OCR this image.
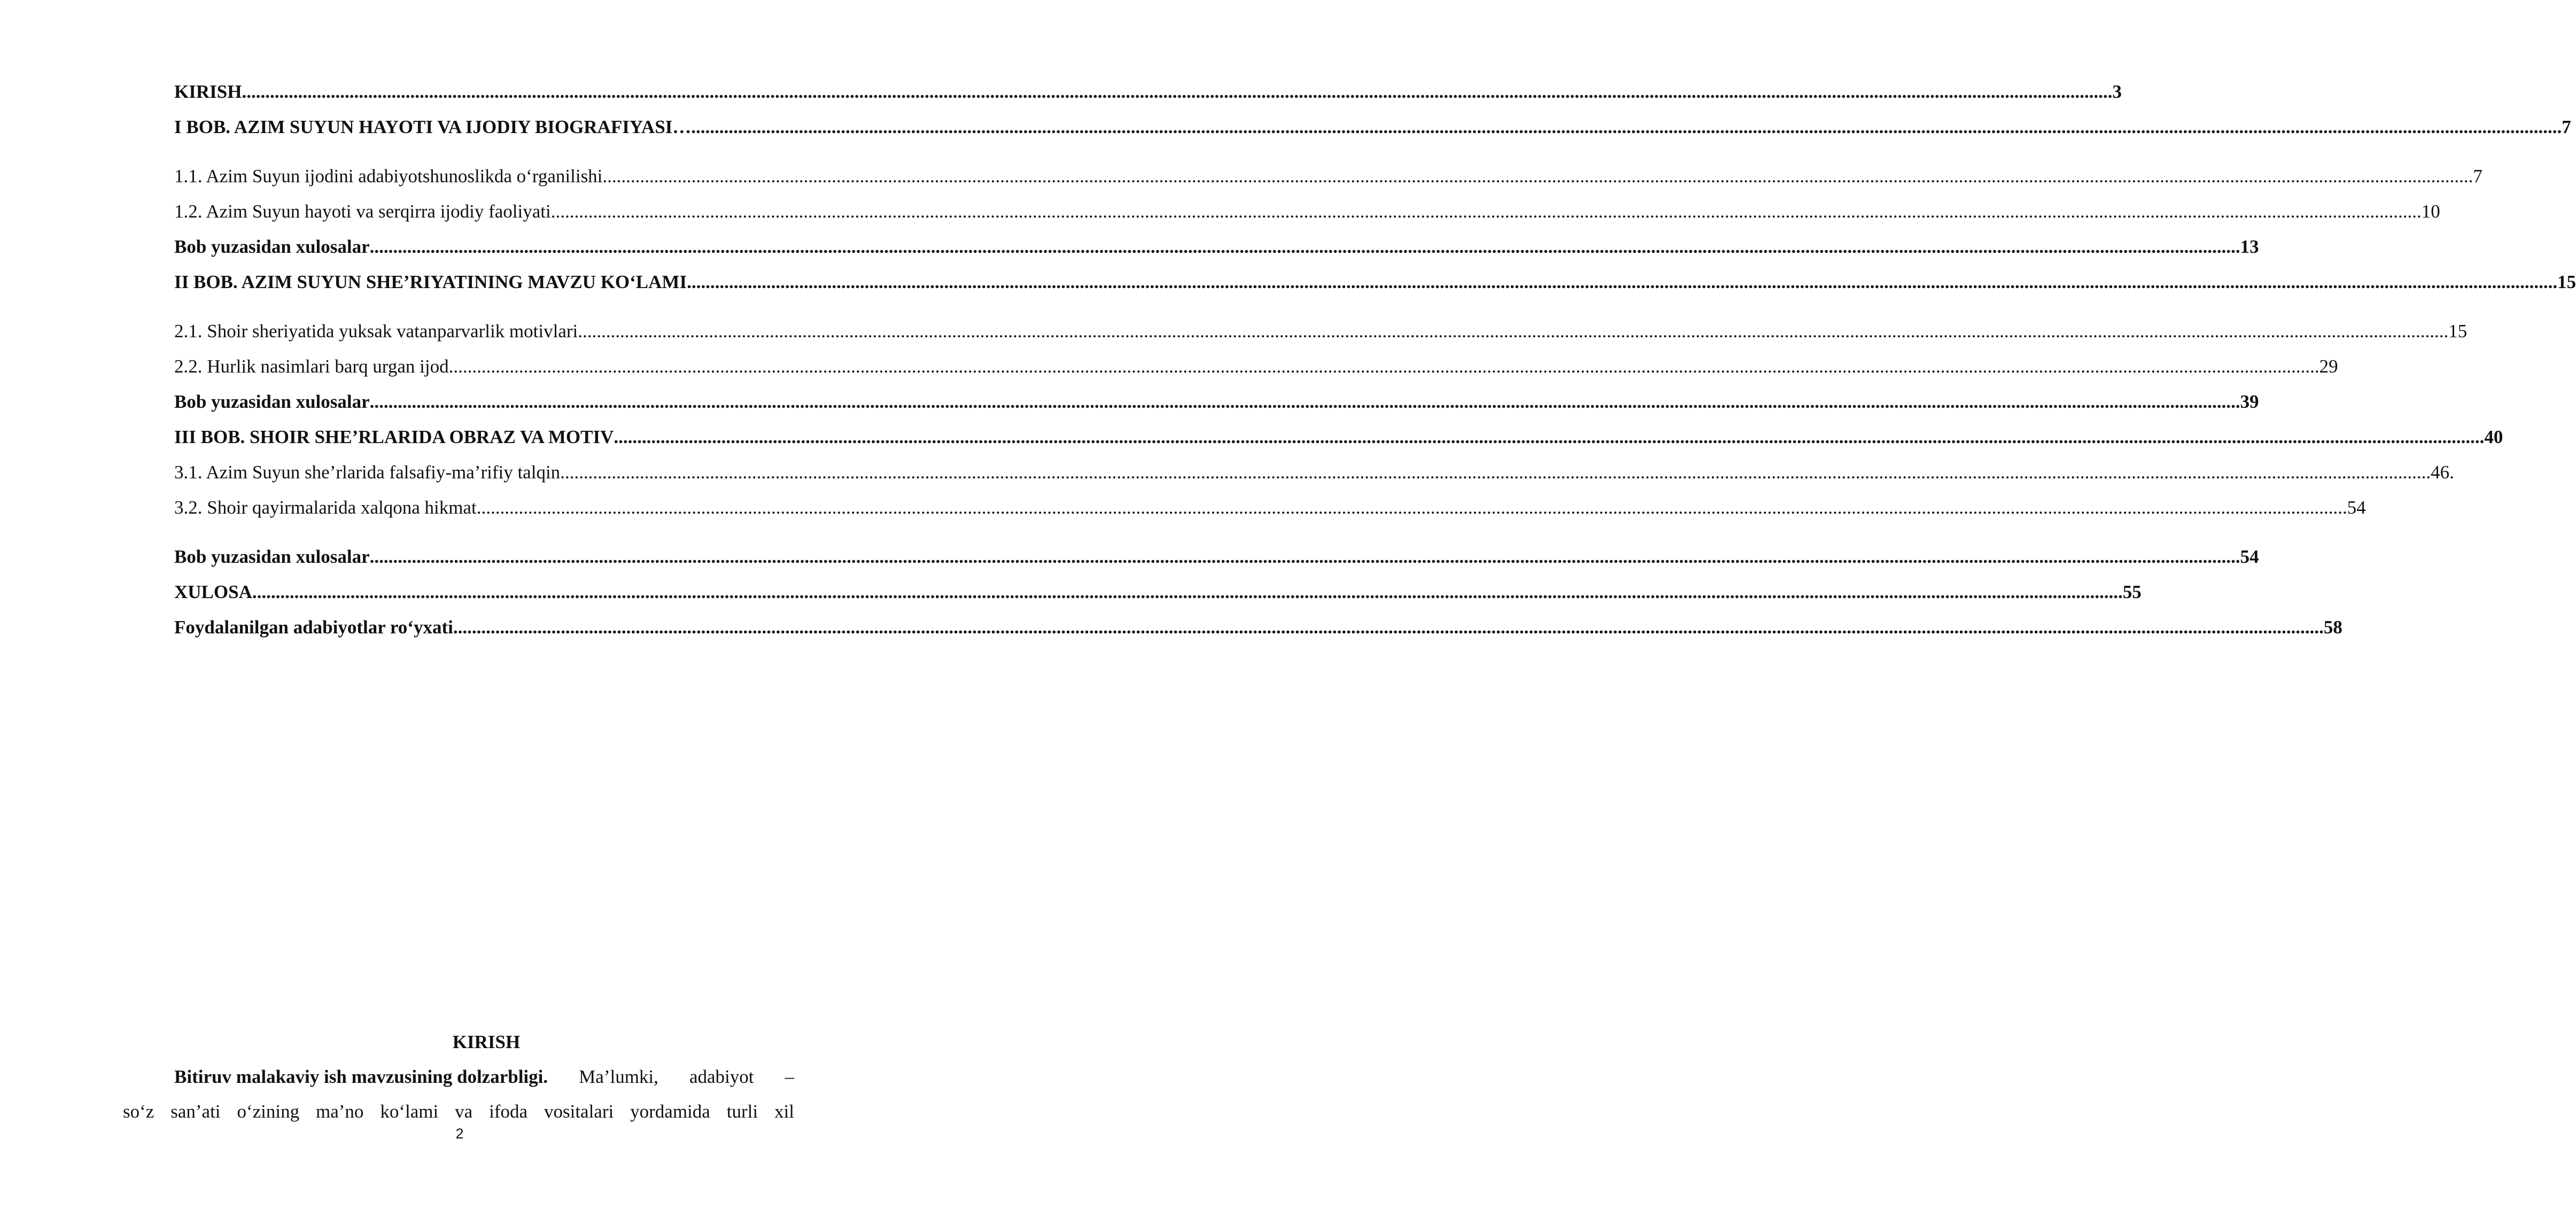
KIRISH ................................................................................................................................................................................................................................................................................................................................................................................................................ 3
I BOB. AZIM SUYUN HAYOTI VA IJODIY BIOGRAFIYASI… ................................................................................................................................................................................................................................................................................................................................................................................................................ 7
1.1. Azim Suyun ijodini adabiyotshunoslikda o‘rganilishi ................................................................................................................................................................................................................................................................................................................................................................................................................ 7
1.2. Azim Suyun hayoti va serqirra ijodiy faoliyati ................................................................................................................................................................................................................................................................................................................................................................................................................ 10
Bob yuzasidan xulosalar ................................................................................................................................................................................................................................................................................................................................................................................................................ 13
II BOB. AZIM SUYUN SHE’RIYATINING MAVZU KO‘LAMI ................................................................................................................................................................................................................................................................................................................................................................................................................ 15
2.1. Shoir sheriyatida yuksak vatanparvarlik motivlari ................................................................................................................................................................................................................................................................................................................................................................................................................ 15
2.2. Hurlik nasimlari barq urgan ijod ................................................................................................................................................................................................................................................................................................................................................................................................................ 29
Bob yuzasidan xulosalar ................................................................................................................................................................................................................................................................................................................................................................................................................ 39
III BOB. SHOIR SHE’RLARIDA OBRAZ VA MOTIV ................................................................................................................................................................................................................................................................................................................................................................................................................ 40
3.1. Azim Suyun she’rlarida falsafiy-ma’rifiy talqin ................................................................................................................................................................................................................................................................................................................................................................................................................ 46.
3.2. Shoir qayirmalarida xalqona hikmat ................................................................................................................................................................................................................................................................................................................................................................................................................ 54
Bob yuzasidan xulosalar ................................................................................................................................................................................................................................................................................................................................................................................................................ 54
XULOSA ................................................................................................................................................................................................................................................................................................................................................................................................................ 55
Foydalanilgan adabiyotlar ro‘yxati ................................................................................................................................................................................................................................................................................................................................................................................................................ 58
KIRISH
Bitiruv malakaviy ish mavzusining dolzarbligi. Ma’lumki, adabiyot –
so‘z san’ati o‘zining ma’no ko‘lami va ifoda vositalari yordamida turli xil
2
